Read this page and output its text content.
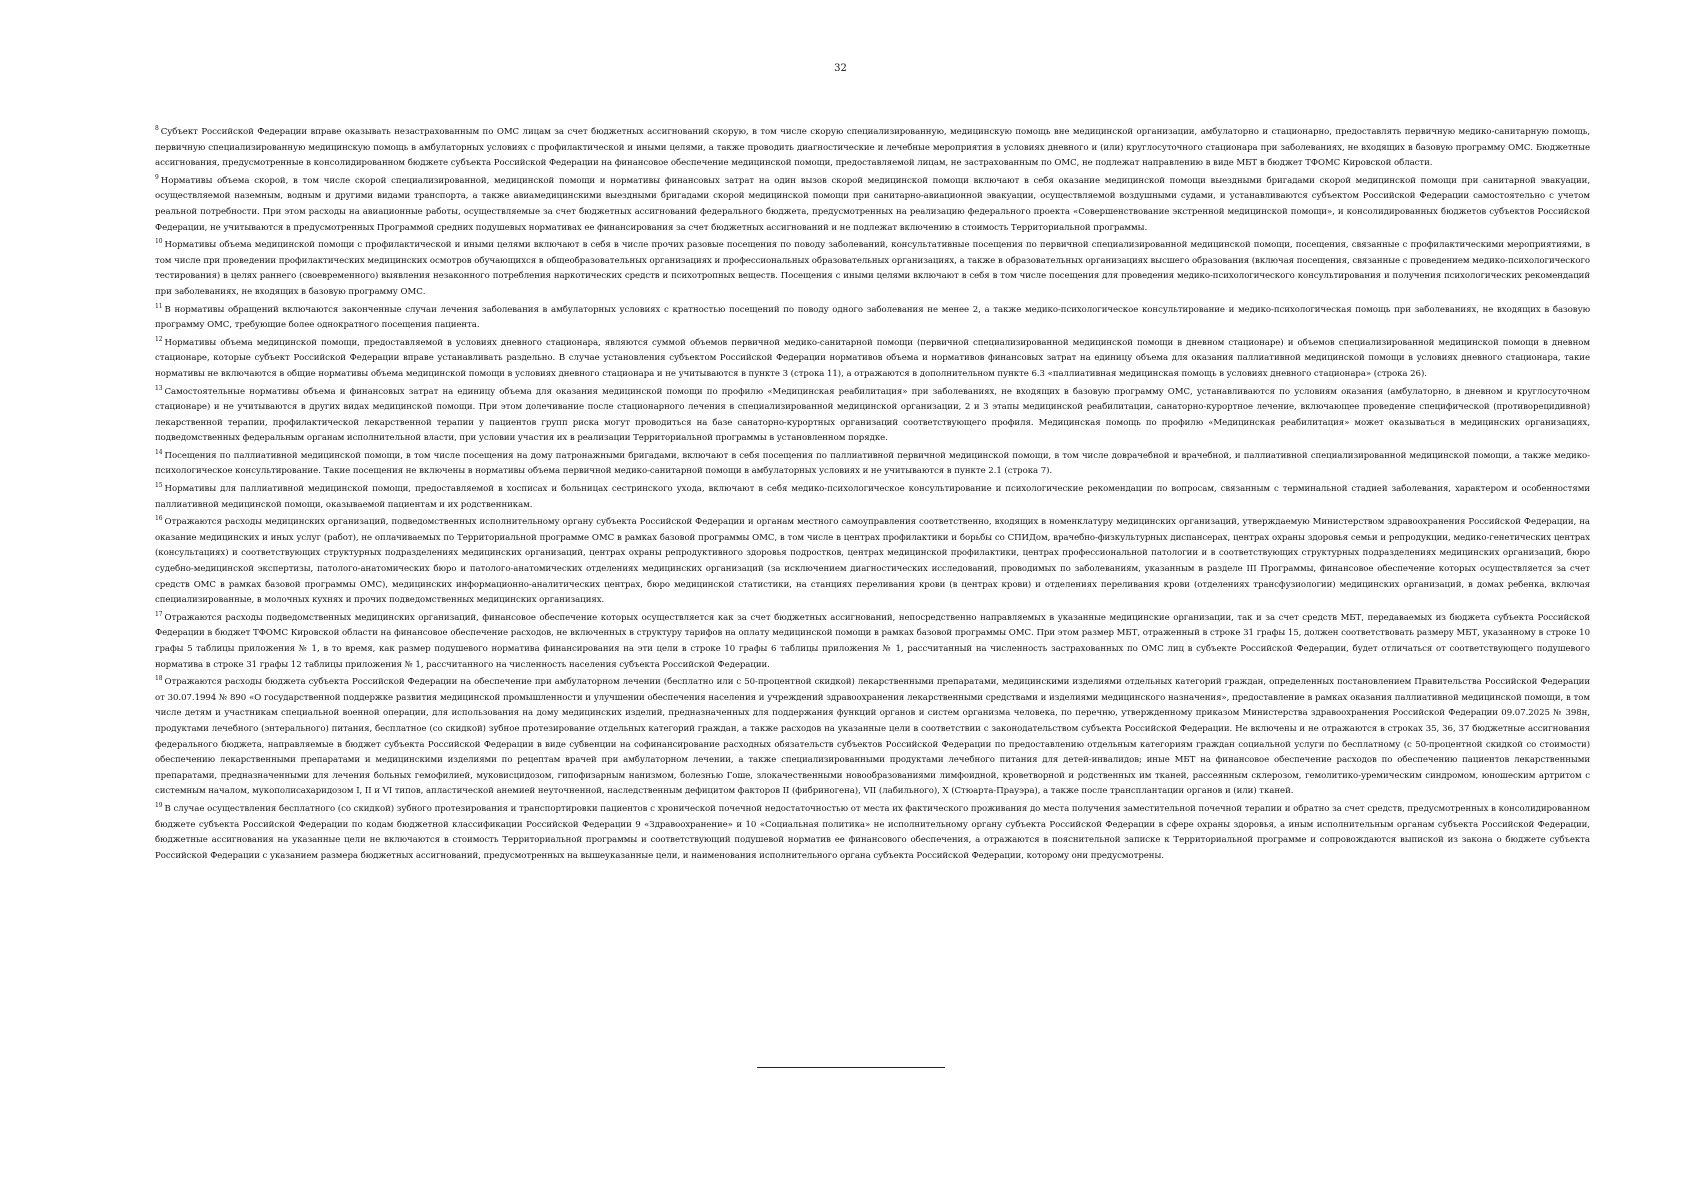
32

$^8$ Субъект Российской Федерации вправе оказывать незастрахованным по ОМС лицам за счет бюджетных ассигнований скорую, в том числе скорую специализированную, медицинскую помощь вне медицинской организации, амбулаторно и стационарно, предоставлять первичную медико-санитарную помощь, первичную специализированную медицинскую помощь в амбулаторных условиях с профилактической и иными целями, а также проводить диагностические и лечебные мероприятия в условиях дневного и (или) круглосуточного стационара при заболеваниях, не входящих в базовую программу ОМС. Бюджетные ассигнования, предусмотренные в консолидированном бюджете субъекта Российской Федерации на финансовое обеспечение медицинской помощи, предоставляемой лицам, не застрахованным по ОМС, не подлежат направлению в виде МБТ в бюджет ТФОМС Кировской области.

$^9$ Нормативы объема скорой, в том числе скорой специализированной, медицинской помощи и нормативы финансовых затрат на один вызов скорой медицинской помощи включают в себя оказание медицинской помощи выездными бригадами скорой медицинской помощи при санитарной эвакуации, осуществляемой наземным, водным и другими видами транспорта, а также авиамедицинскими выездными бригадами скорой медицинской помощи при санитарно-авиационной эвакуации, осуществляемой воздушными судами, и устанавливаются субъектом Российской Федерации самостоятельно с учетом реальной потребности. При этом расходы на авиационные работы, осуществляемые за счет бюджетных ассигнований федерального бюджета, предусмотренных на реализацию федерального проекта «Совершенствование экстренной медицинской помощи», и консолидированных бюджетов субъектов Российской Федерации, не учитываются в предусмотренных Программой средних подушевых нормативах ее финансирования за счет бюджетных ассигнований и не подлежат включению в стоимость Территориальной программы.

$^{10}$ Нормативы объема медицинской помощи с профилактической и иными целями включают в себя в числе прочих разовые посещения по поводу заболеваний, консультативные посещения по первичной специализированной медицинской помощи, посещения, связанные с профилактическими мероприятиями, в том числе при проведении профилактических медицинских осмотров обучающихся в общеобразовательных организациях и профессиональных образовательных организациях, а также в образовательных организациях высшего образования (включая посещения, связанные с проведением медико-психологического тестирования) в целях раннего (своевременного) выявления незаконного потребления наркотических средств и психотропных веществ. Посещения с иными целями включают в себя в том числе посещения для проведения медико-психологического консультирования и получения психологических рекомендаций при заболеваниях, не входящих в базовую программу ОМС.

$^{11}$ В нормативы обращений включаются законченные случаи лечения заболевания в амбулаторных условиях с кратностью посещений по поводу одного заболевания не менее 2, а также медико-психологическое консультирование и медико-психологическая помощь при заболеваниях, не входящих в базовую программу ОМС, требующие более однократного посещения пациента.

$^{12}$ Нормативы объема медицинской помощи, предоставляемой в условиях дневного стационара, являются суммой объемов первичной медико-санитарной помощи (первичной специализированной медицинской помощи в дневном стационаре) и объемов специализированной медицинской помощи в дневном стационаре, которые субъект Российской Федерации вправе устанавливать раздельно. В случае установления субъектом Российской Федерации нормативов объема и нормативов финансовых затрат на единицу объема для оказания паллиативной медицинской помощи в условиях дневного стационара, такие нормативы не включаются в общие нормативы объема медицинской помощи в условиях дневного стационара и не учитываются в пункте 3 (строка 11), а отражаются в дополнительном пункте 6.3 «паллиативная медицинская помощь в условиях дневного стационара» (строка 26).

$^{13}$ Самостоятельные нормативы объема и финансовых затрат на единицу объема для оказания медицинской помощи по профилю «Медицинская реабилитация» при заболеваниях, не входящих в базовую программу ОМС, устанавливаются по условиям оказания (амбулаторно, в дневном и круглосуточном стационаре) и не учитываются в других видах медицинской помощи. При этом долечивание после стационарного лечения в специализированной медицинской организации, 2 и 3 этапы медицинской реабилитации, санаторно-курортное лечение, включающее проведение специфической (противорецидивной) лекарственной терапии, профилактической лекарственной терапии у пациентов групп риска могут проводиться на базе санаторно-курортных организаций соответствующего профиля. Медицинская помощь по профилю «Медицинская реабилитация» может оказываться в медицинских организациях, подведомственных федеральным органам исполнительной власти, при условии участия их в реализации Территориальной программы в установленном порядке.

$^{14}$ Посещения по паллиативной медицинской помощи, в том числе посещения на дому патронажными бригадами, включают в себя посещения по паллиативной первичной медицинской помощи, в том числе доврачебной и врачебной, и паллиативной специализированной медицинской помощи, а также медико-психологическое консультирование. Такие посещения не включены в нормативы объема первичной медико-санитарной помощи в амбулаторных условиях и не учитываются в пункте 2.1 (строка 7).

$^{15}$ Нормативы для паллиативной медицинской помощи, предоставляемой в хосписах и больницах сестринского ухода, включают в себя медико-психологическое консультирование и психологические рекомендации по вопросам, связанным с терминальной стадией заболевания, характером и особенностями паллиативной медицинской помощи, оказываемой пациентам и их родственникам.

$^{16}$ Отражаются расходы медицинских организаций, подведомственных исполнительному органу субъекта Российской Федерации и органам местного самоуправления соответственно, входящих в номенклатуру медицинских организаций, утверждаемую Министерством здравоохранения Российской Федерации, на оказание медицинских и иных услуг (работ), не оплачиваемых по Территориальной программе ОМС в рамках базовой программы ОМС, в том числе в центрах профилактики и борьбы со СПИДом, врачебно-физкультурных диспансерах, центрах охраны здоровья семьи и репродукции, медико-генетических центрах (консультациях) и соответствующих структурных подразделениях медицинских организаций, центрах охраны репродуктивного здоровья подростков, центрах медицинской профилактики, центрах профессиональной патологии и в соответствующих структурных подразделениях медицинских организаций, бюро судебно-медицинской экспертизы, патолого-анатомических бюро и патолого-анатомических отделениях медицинских организаций (за исключением диагностических исследований, проводимых по заболеваниям, указанным в разделе III Программы, финансовое обеспечение которых осуществляется за счет средств ОМС в рамках базовой программы ОМС), медицинских информационно-аналитических центрах, бюро медицинской статистики, на станциях переливания крови (в центрах крови) и отделениях переливания крови (отделениях трансфузиологии) медицинских организаций, в домах ребенка, включая специализированные, в молочных кухнях и прочих подведомственных медицинских организациях.

$^{17}$ Отражаются расходы подведомственных медицинских организаций, финансовое обеспечение которых осуществляется как за счет бюджетных ассигнований, непосредственно направляемых в указанные медицинские организации, так и за счет средств МБТ, передаваемых из бюджета субъекта Российской Федерации в бюджет ТФОМС Кировской области на финансовое обеспечение расходов, не включенных в структуру тарифов на оплату медицинской помощи в рамках базовой программы ОМС. При этом размер МБТ, отраженный в строке 31 графы 15, должен соответствовать размеру МБТ, указанному в строке 10 графы 5 таблицы приложения № 1, в то время, как размер подушевого норматива финансирования на эти цели в строке 10 графы 6 таблицы приложения № 1, рассчитанный на численность застрахованных по ОМС лиц в субъекте Российской Федерации, будет отличаться от соответствующего подушевого норматива в строке 31 графы 12 таблицы приложения № 1, рассчитанного на численность населения субъекта Российской Федерации.

$^{18}$ Отражаются расходы бюджета субъекта Российской Федерации на обеспечение при амбулаторном лечении (бесплатно или с 50-процентной скидкой) лекарственными препаратами, медицинскими изделиями отдельных категорий граждан, определенных постановлением Правительства Российской Федерации от 30.07.1994 № 890 «О государственной поддержке развития медицинской промышленности и улучшении обеспечения населения и учреждений здравоохранения лекарственными средствами и изделиями медицинского назначения», предоставление в рамках оказания паллиативной медицинской помощи, в том числе детям и участникам специальной военной операции, для использования на дому медицинских изделий, предназначенных для поддержания функций органов и систем организма человека, по перечню, утвержденному приказом Министерства здравоохранения Российской Федерации 09.07.2025 № 398н, продуктами лечебного (энтерального) питания, бесплатное (со скидкой) зубное протезирование отдельных категорий граждан, а также расходов на указанные цели в соответствии с законодательством субъекта Российской Федерации. Не включены и не отражаются в строках 35, 36, 37 бюджетные ассигнования федерального бюджета, направляемые в бюджет субъекта Российской Федерации в виде субвенции на софинансирование расходных обязательств субъектов Российской Федерации по предоставлению отдельным категориям граждан социальной услуги по бесплатному (с 50-процентной скидкой со стоимости) обеспечению лекарственными препаратами и медицинскими изделиями по рецептам врачей при амбулаторном лечении, а также специализированными продуктами лечебного питания для детей-инвалидов; иные МБТ на финансовое обеспечение расходов по обеспечению пациентов лекарственными препаратами, предназначенными для лечения больных гемофилией, муковисцидозом, гипофизарным нанизмом, болезнью Гоше, злокачественными новообразованиями лимфоидной, кроветворной и родственных им тканей, рассеянным склерозом, гемолитико-уремическим синдромом, юношеским артритом с системным началом, мукополисахаридозом I, II и VI типов, апластической анемией неуточненной, наследственным дефицитом факторов II (фибриногена), VII (лабильного), X (Стюарта-Прауэра), а также после трансплантации органов и (или) тканей.

$^{19}$ В случае осуществления бесплатного (со скидкой) зубного протезирования и транспортировки пациентов с хронической почечной недостаточностью от места их фактического проживания до места получения заместительной почечной терапии и обратно за счет средств, предусмотренных в консолидированном бюджете субъекта Российской Федерации по кодам бюджетной классификации Российской Федерации 9 «Здравоохранение» и 10 «Социальная политика» не исполнительному органу субъекта Российской Федерации в сфере охраны здоровья, а иным исполнительным органам субъекта Российской Федерации, бюджетные ассигнования на указанные цели не включаются в стоимость Территориальной программы и соответствующий подушевой норматив ее финансового обеспечения, а отражаются в пояснительной записке к Территориальной программе и сопровождаются выпиской из закона о бюджете субъекта Российской Федерации с указанием размера бюджетных ассигнований, предусмотренных на вышеуказанные цели, и наименования исполнительного органа субъекта Российской Федерации, которому они предусмотрены.
